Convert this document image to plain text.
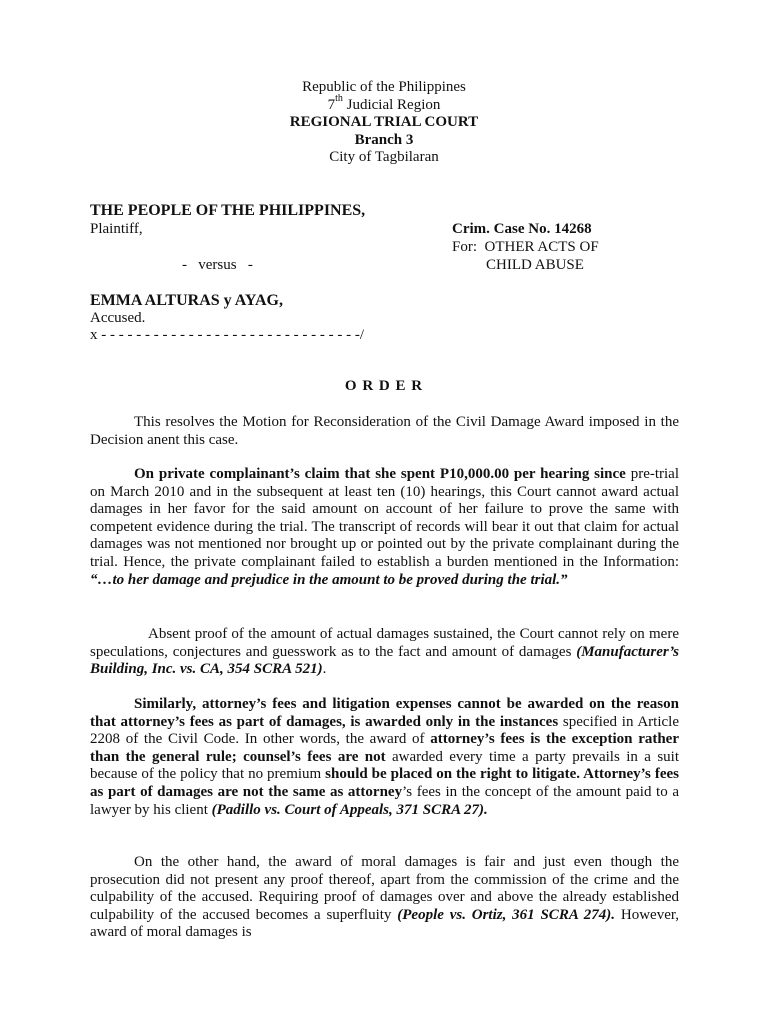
Republic of the Philippines
7th Judicial Region
REGIONAL TRIAL COURT
Branch 3
City of Tagbilaran
THE PEOPLE OF THE PHILIPPINES,
Plaintiff,
-   versus   -
EMMA ALTURAS y AYAG,
Accused.
x - - - - - - - - - - - - - - - - - - - - - - - - - - - - - -/
Crim. Case No. 14268
For:  OTHER ACTS OF
CHILD ABUSE
O R D E R
This resolves the Motion for Reconsideration of the Civil Damage Award imposed in the Decision anent this case.
On private complainant’s claim that she spent P10,000.00 per hearing since pre-trial on March 2010 and in the subsequent at least ten (10) hearings, this Court cannot award actual damages in her favor for the said amount on account of her failure to prove the same with competent evidence during the trial. The transcript of records will bear it out that claim for actual damages was not mentioned nor brought up or pointed out by the private complainant during the trial. Hence, the private complainant failed to establish a burden mentioned in the Information: “…to her damage and prejudice in the amount to be proved during the trial.”
Absent proof of the amount of actual damages sustained, the Court cannot rely on mere speculations, conjectures and guesswork as to the fact and amount of damages (Manufacturer’s Building, Inc. vs. CA, 354 SCRA 521).
Similarly, attorney’s fees and litigation expenses cannot be awarded on the reason that attorney’s fees as part of damages, is awarded only in the instances specified in Article 2208 of the Civil Code. In other words, the award of attorney’s fees is the exception rather than the general rule; counsel’s fees are not awarded every time a party prevails in a suit because of the policy that no premium should be placed on the right to litigate. Attorney’s fees as part of damages are not the same as attorney’s fees in the concept of the amount paid to a lawyer by his client (Padillo vs. Court of Appeals, 371 SCRA 27).
On the other hand, the award of moral damages is fair and just even though the prosecution did not present any proof thereof, apart from the commission of the crime and the culpability of the accused. Requiring proof of damages over and above the already established culpability of the accused becomes a superfluity (People vs. Ortiz, 361 SCRA 274). However, award of moral damages is
